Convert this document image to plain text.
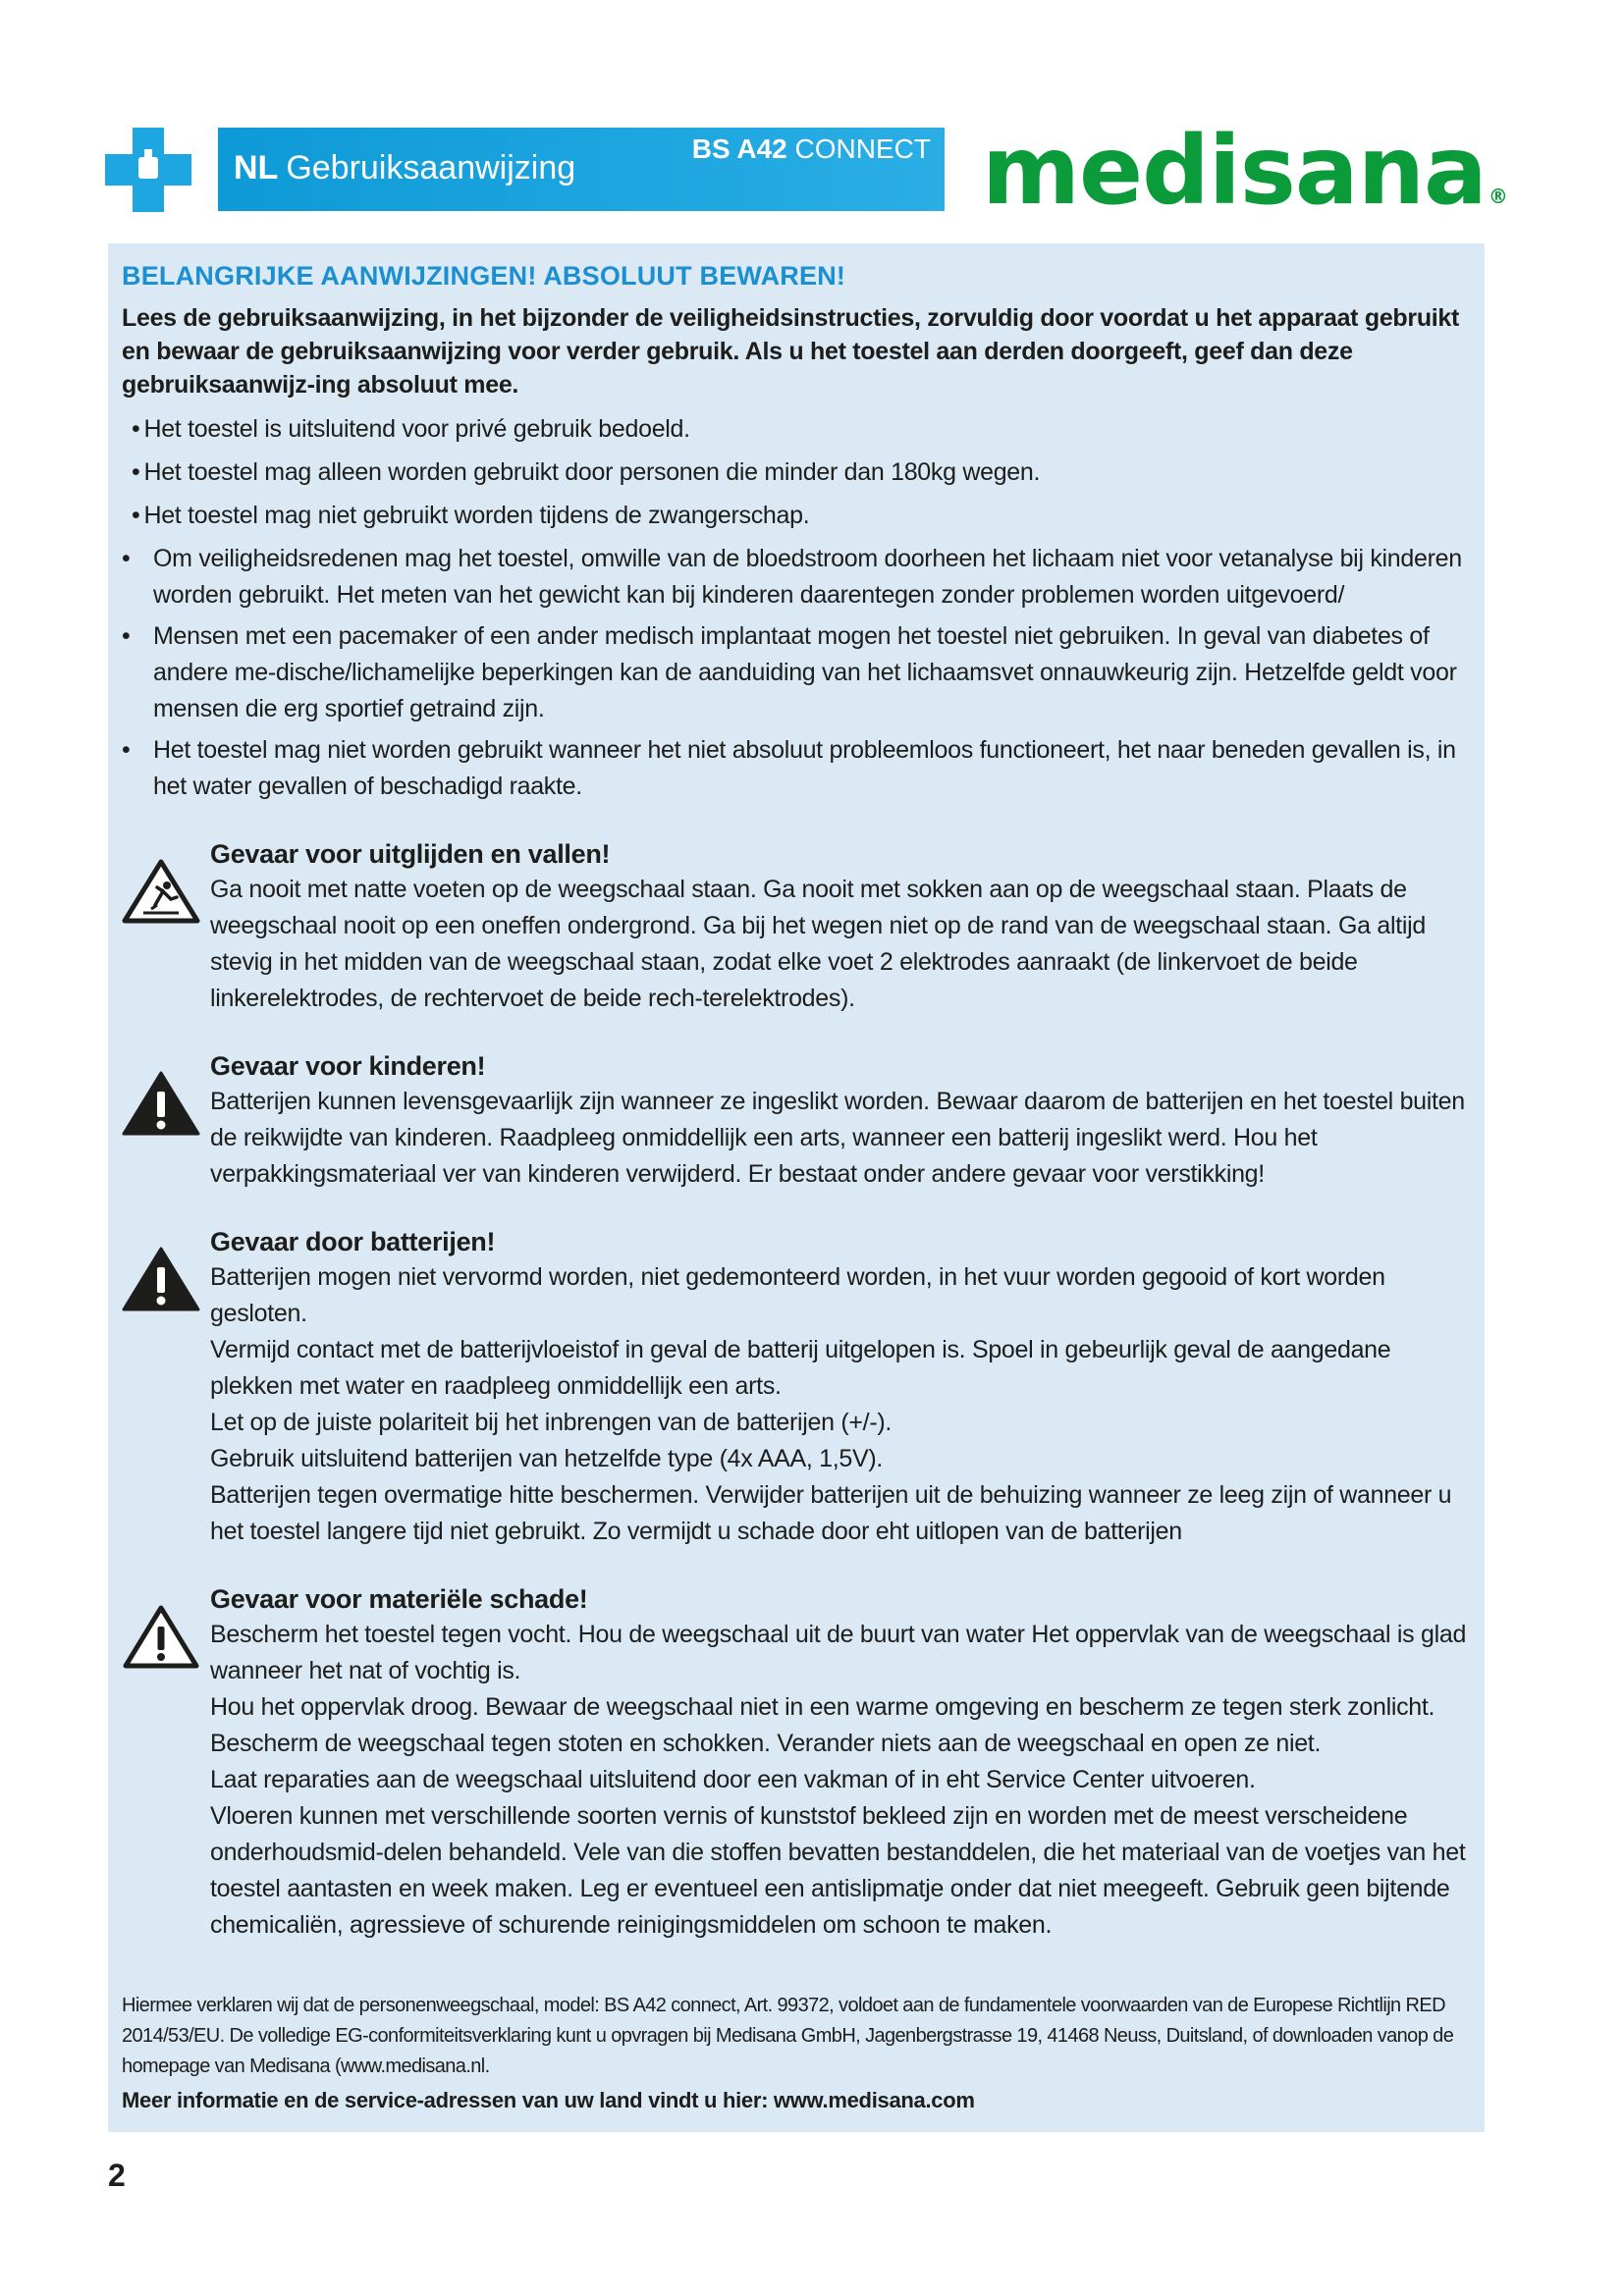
NL Gebruiksaanwijzing
BS A42 CONNECT medisana ®
BELANGRIJKE AANWIJZINGEN! ABSOLUUT BEWAREN!
Lees de gebruiksaanwijzing, in het bijzonder de veiligheidsinstructies, zorvuldig door voordat u het apparaat gebruikt en bewaar de gebruiksaanwijzing voor verder gebruik. Als u het toestel aan derden doorgeeft, geef dan deze gebruiksaanwijz-ing absoluut mee.
• Het toestel is uitsluitend voor privé gebruik bedoeld.
• Het toestel mag alleen worden gebruikt door personen die minder dan 180kg wegen.
• Het toestel mag niet gebruikt worden tijdens de zwangerschap.
• Om veiligheidsredenen mag het toestel, omwille van de bloedstroom doorheen het lichaam niet voor vetanalyse bij kinderen worden gebruikt. Het meten van het gewicht kan bij kinderen daarentegen zonder problemen worden uitgevoerd/
• Mensen met een pacemaker of een ander medisch implantaat mogen het toestel niet gebruiken. In geval van diabetes of andere me-dische/lichamelijke beperkingen kan de aanduiding van het lichaamsvet onnauwkeurig zijn. Hetzelfde geldt voor mensen die erg sportief getraind zijn.
• Het toestel mag niet worden gebruikt wanneer het niet absoluut probleemloos functioneert, het naar beneden gevallen is, in het water gevallen of beschadigd raakte.
Gevaar voor uitglijden en vallen!
Ga nooit met natte voeten op de weegschaal staan. Ga nooit met sokken aan op de weegschaal staan. Plaats de weegschaal nooit op een oneffen ondergrond. Ga bij het wegen niet op de rand van de weegschaal staan. Ga altijd stevig in het midden van de weegschaal staan, zodat elke voet 2 elektrodes aanraakt (de linkervoet de beide linkerelektrodes, de rechtervoet de beide rech-terelektrodes).
Gevaar voor kinderen!
Batterijen kunnen levensgevaarlijk zijn wanneer ze ingeslikt worden. Bewaar daarom de batterijen en het toestel buiten de reikwijdte van kinderen. Raadpleeg onmiddellijk een arts, wanneer een batterij ingeslikt werd. Hou het verpakkingsmateriaal ver van kinderen verwijderd. Er bestaat onder andere gevaar voor verstikking!
Gevaar door batterijen!
Batterijen mogen niet vervormd worden, niet gedemonteerd worden, in het vuur worden gegooid of kort worden gesloten.
Vermijd contact met de batterijvloeistof in geval de batterij uitgelopen is. Spoel in gebeurlijk geval de aangedane plekken met water en raadpleeg onmiddellijk een arts.
Let op de juiste polariteit bij het inbrengen van de batterijen (+/-).
Gebruik uitsluitend batterijen van hetzelfde type (4x AAA, 1,5V).
Batterijen tegen overmatige hitte beschermen. Verwijder batterijen uit de behuizing wanneer ze leeg zijn of wanneer u het toestel langere tijd niet gebruikt. Zo vermijdt u schade door eht uitlopen van de batterijen
Gevaar voor materiële schade!
Bescherm het toestel tegen vocht. Hou de weegschaal uit de buurt van water Het oppervlak van de weegschaal is glad wanneer het nat of vochtig is.
Hou het oppervlak droog. Bewaar de weegschaal niet in een warme omgeving en bescherm ze tegen sterk zonlicht.
Bescherm de weegschaal tegen stoten en schokken. Verander niets aan de weegschaal en open ze niet.
Laat reparaties aan de weegschaal uitsluitend door een vakman of in eht Service Center uitvoeren.
Vloeren kunnen met verschillende soorten vernis of kunststof bekleed zijn en worden met de meest verscheidene onderhoudsmid-delen behandeld. Vele van die stoffen bevatten bestanddelen, die het materiaal van de voetjes van het toestel aantasten en week maken. Leg er eventueel een antislipmatje onder dat niet meegeeft. Gebruik geen bijtende chemicaliën, agressieve of schurende reinigingsmiddelen om schoon te maken.
Hiermee verklaren wij dat de personenweegschaal, model: BS A42 connect, Art. 99372, voldoet aan de fundamentele voorwaarden van de Europese Richtlijn RED 2014/53/EU. De volledige EG-conformiteitsverklaring kunt u opvragen bij Medisana GmbH, Jagenbergstrasse 19, 41468 Neuss, Duitsland, of downloaden vanop de homepage van Medisana (www.medisana.nl.
Meer informatie en de service-adressen van uw land vindt u hier: www.medisana.com
2
